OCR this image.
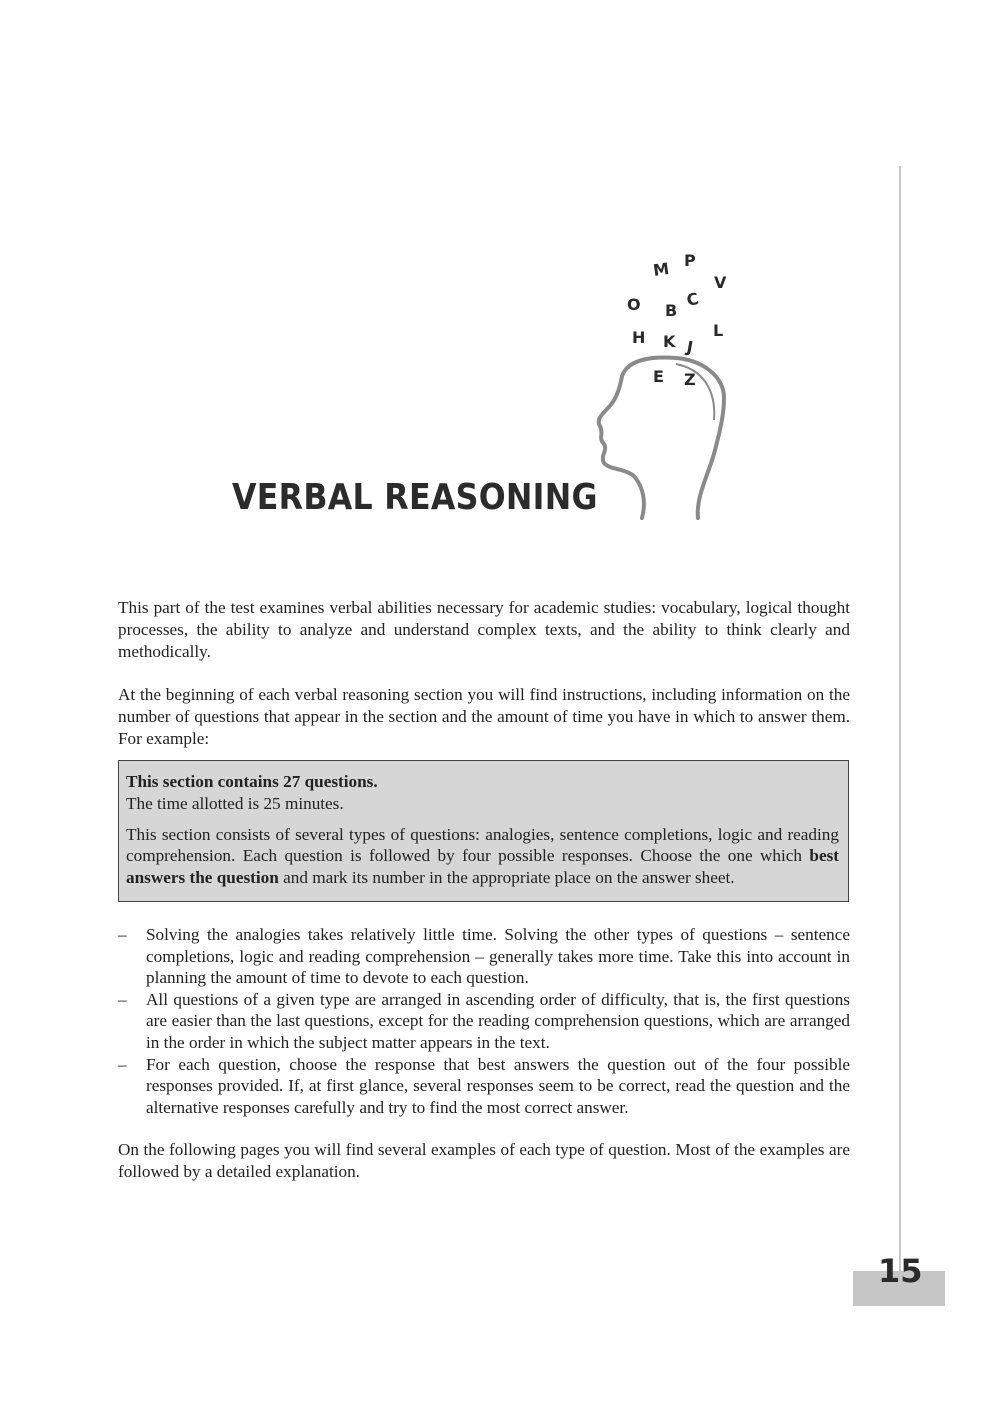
M P
V
O B
C
H K J
L
E Z
VERBAL REASONING

This part of the test examines verbal abilities necessary for academic studies: vocabulary, logical thought processes, the ability to analyze and understand complex texts, and the ability to think clearly and methodically.

At the beginning of each verbal reasoning section you will find instructions, including information on the number of questions that appear in the section and the amount of time you have in which to answer them. For example:

This section contains 27 questions.
The time allotted is 25 minutes.
This section consists of several types of questions: analogies, sentence completions, logic and reading comprehension. Each question is followed by four possible responses. Choose the one which best answers the question and mark its number in the appropriate place on the answer sheet.
– Solving the analogies takes relatively little time. Solving the other types of questions – sentence completions, logic and reading comprehension – generally takes more time. Take this into account in planning the amount of time to devote to each question.
– All questions of a given type are arranged in ascending order of difficulty, that is, the first questions are easier than the last questions, except for the reading comprehension questions, which are arranged in the order in which the subject matter appears in the text.
– For each question, choose the response that best answers the question out of the four possible responses provided. If, at first glance, several responses seem to be correct, read the question and the alternative responses carefully and try to find the most correct answer.

On the following pages you will find several examples of each type of question. Most of the examples are followed by a detailed explanation.

15
